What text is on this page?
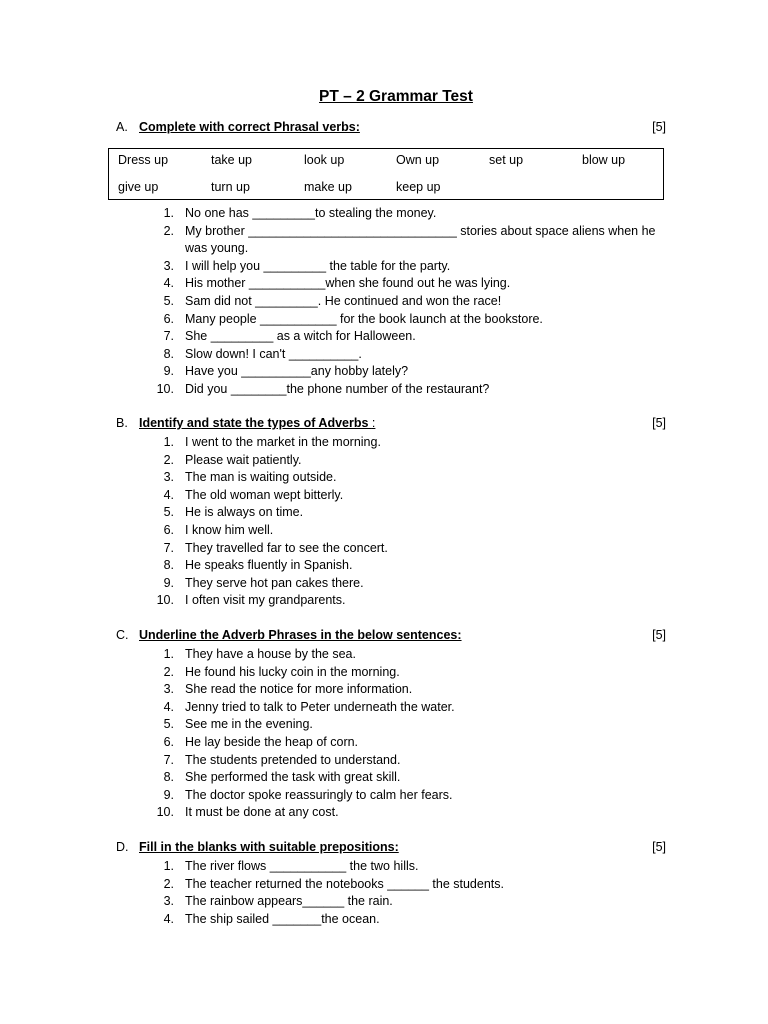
PT – 2 Grammar Test
A. Complete with correct Phrasal verbs:	[5]
Dress up	take up	look up	Own up	set up	blow up
give up	turn up	make up	keep up
1. No one has _________to stealing the money.
2. My brother ______________________________ stories about space aliens when he was young.
3. I will help you _________ the table for the party.
4. His mother ___________when she found out he was lying.
5. Sam did not _________. He continued and won the race!
6. Many people ___________ for the book launch at the bookstore.
7. She _________ as a witch for Halloween.
8. Slow down! I can't __________.
9. Have you __________any hobby lately?
10. Did you ________the phone number of the restaurant?
B. Identify and state the types of Adverbs :	[5]
1. I went to the market in the morning.
2. Please wait patiently.
3. The man is waiting outside.
4. The old woman wept bitterly.
5. He is always on time.
6. I know him well.
7. They travelled far to see the concert.
8. He speaks fluently in Spanish.
9. They serve hot pan cakes there.
10. I often visit my grandparents.
C. Underline the Adverb Phrases in the below sentences:	[5]
1. They have a house by the sea.
2. He found his lucky coin in the morning.
3. She read the notice for more information.
4. Jenny tried to talk to Peter underneath the water.
5. See me in the evening.
6. He lay beside the heap of corn.
7. The students pretended to understand.
8. She performed the task with great skill.
9. The doctor spoke reassuringly to calm her fears.
10. It must be done at any cost.
D. Fill in the blanks with suitable prepositions:	[5]
1. The river flows ___________ the two hills.
2. The teacher returned the notebooks ______ the students.
3. The rainbow appears______ the rain.
4. The ship sailed _______the ocean.
